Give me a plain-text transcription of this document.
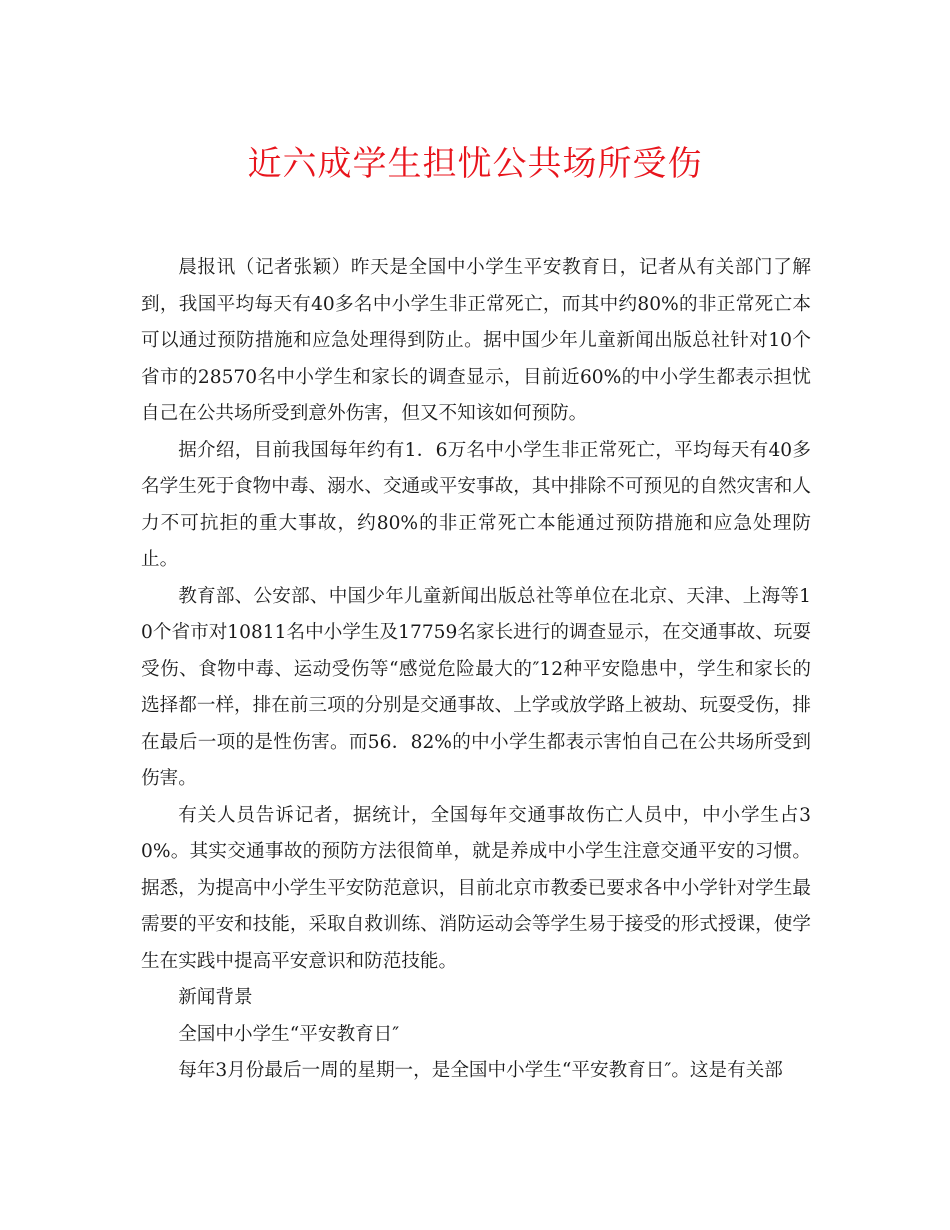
近六成学生担忧公共场所受伤

晨报讯（记者张颖）昨天是全国中小学生平安教育日，记者从有关部门了解到，我国平均每天有40多名中小学生非正常死亡，而其中约80%的非正常死亡本可以通过预防措施和应急处理得到防止。据中国少年儿童新闻出版总社针对10个省市的28570名中小学生和家长的调查显示，目前近60%的中小学生都表示担忧自己在公共场所受到意外伤害，但又不知该如何预防。

据介绍，目前我国每年约有1．6万名中小学生非正常死亡，平均每天有40多名学生死于食物中毒、溺水、交通或平安事故，其中排除不可预见的自然灾害和人力不可抗拒的重大事故，约80%的非正常死亡本能通过预防措施和应急处理防止。

教育部、公安部、中国少年儿童新闻出版总社等单位在北京、天津、上海等10个省市对10811名中小学生及17759名家长进行的调查显示，在交通事故、玩耍受伤、食物中毒、运动受伤等“感觉危险最大的″12种平安隐患中，学生和家长的选择都一样，排在前三项的分别是交通事故、上学或放学路上被劫、玩耍受伤，排在最后一项的是性伤害。而56．82%的中小学生都表示害怕自己在公共场所受到伤害。

有关人员告诉记者，据统计，全国每年交通事故伤亡人员中，中小学生占30%。其实交通事故的预防方法很简单，就是养成中小学生注意交通平安的习惯。据悉，为提高中小学生平安防范意识，目前北京市教委已要求各中小学针对学生最需要的平安和技能，采取自救训练、消防运动会等学生易于接受的形式授课，使学生在实践中提高平安意识和防范技能。

新闻背景

全国中小学生“平安教育日″

每年3月份最后一周的星期一，是全国中小学生“平安教育日″。这是有关部
